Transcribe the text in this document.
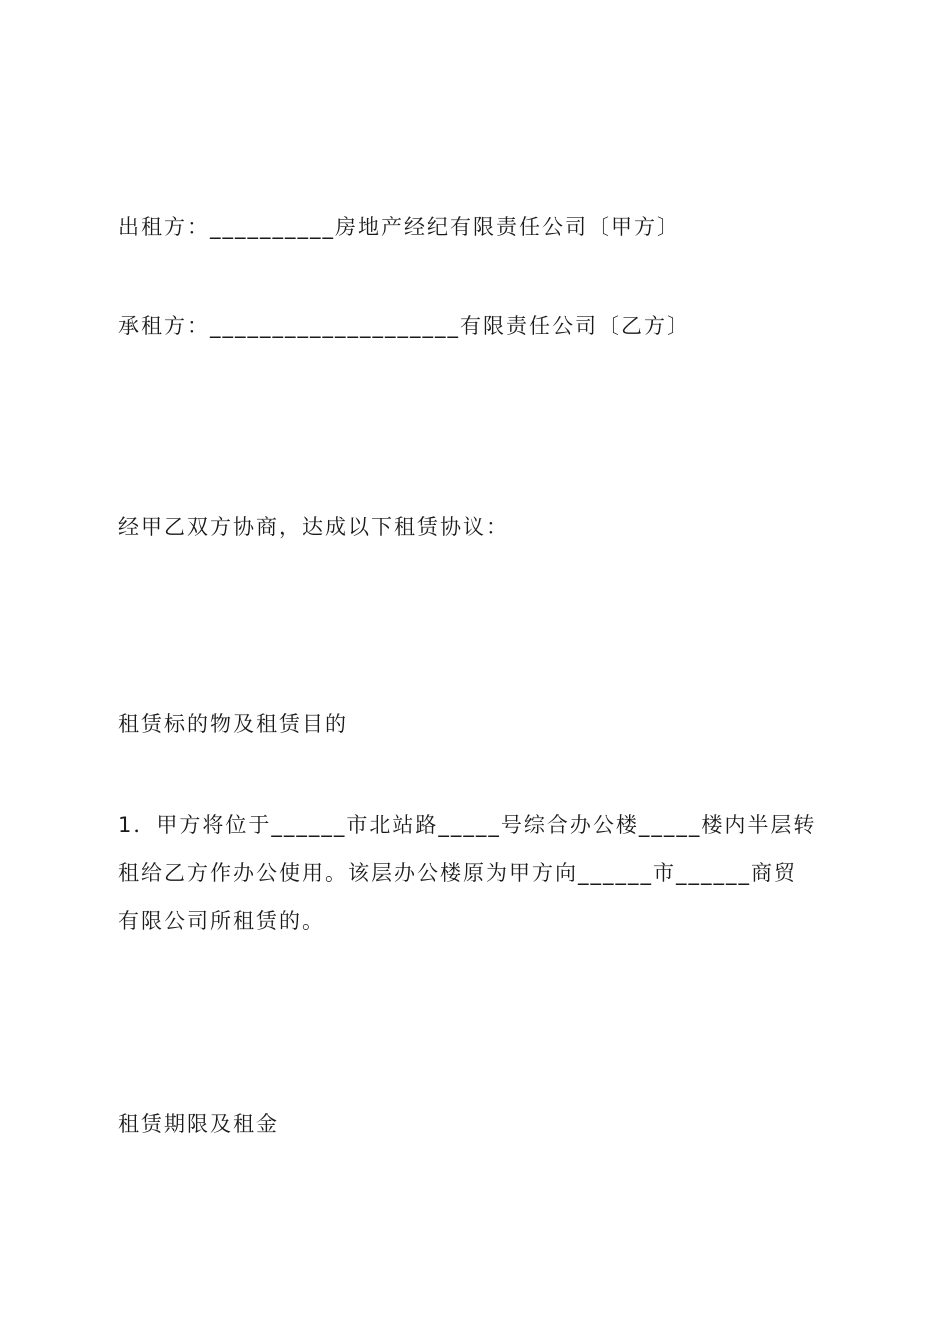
出租方：__________房地产经纪有限责任公司〔甲方〕
承租方：____________________有限责任公司〔乙方〕
经甲乙双方协商，达成以下租赁协议：
租赁标的物及租赁目的
1．甲方将位于______市北站路_____号综合办公楼_____楼内半层转
租给乙方作办公使用。该层办公楼原为甲方向______市______商贸
有限公司所租赁的。
租赁期限及租金
